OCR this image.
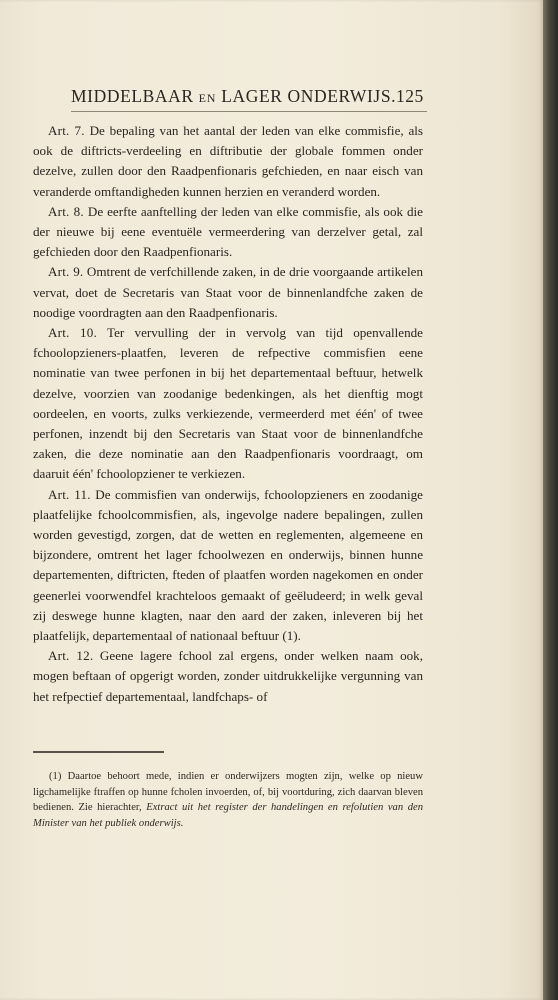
MIDDELBAAR EN LAGER ONDERWIJS. 125

Art. 7. De bepaling van het aantal der leden van elke commisfie, als ook de diftricts-verdeeling en diftributie der globale fommen onder dezelve, zullen door den Raadpenfionaris gefchieden, en naar eisch van veranderde omftandigheden kunnen herzien en veranderd worden.

Art. 8. De eerfte aanftelling der leden van elke commisfie, als ook die der nieuwe bij eene eventuële vermeerdering van derzelver getal, zal gefchieden door den Raadpenfionaris.

Art. 9. Omtrent de verfchillende zaken, in de drie voorgaande artikelen vervat, doet de Secretaris van Staat voor de binnenlandfche zaken de noodige voordragten aan den Raadpenfionaris.

Art. 10. Ter vervulling der in vervolg van tijd openvallende fchoolopzieners-plaatfen, leveren de refpective commisfien eene nominatie van twee perfonen in bij het departementaal beftuur, hetwelk dezelve, voorzien van zoodanige bedenkingen, als het dienftig mogt oordeelen, en voorts, zulks verkiezende, vermeerderd met één' of twee perfonen, inzendt bij den Secretaris van Staat voor de binnenlandfche zaken, die deze nominatie aan den Raadpenfionaris voordraagt, om daaruit één' fchoolopziener te verkiezen.

Art. 11. De commisfien van onderwijs, fchoolopzieners en zoodanige plaatfelijke fchoolcommisfien, als, ingevolge nadere bepalingen, zullen worden gevestigd, zorgen, dat de wetten en reglementen, algemeene en bijzondere, omtrent het lager fchoolwezen en onderwijs, binnen hunne departementen, diftricten, fteden of plaatfen worden nagekomen en onder geenerlei voorwendfel krachteloos gemaakt of geëludeerd; in welk geval zij deswege hunne klagten, naar den aard der zaken, inleveren bij het plaatfelijk, departementaal of nationaal beftuur (1).

Art. 12. Geene lagere fchool zal ergens, onder welken naam ook, mogen beftaan of opgerigt worden, zonder uitdrukkelijke vergunning van het refpectief departementaal, landfchaps- of

(1) Daartoe behoort mede, indien er onderwijzers mogten zijn, welke op nieuw ligchamelijke ftraffen op hunne fcholen invoerden, of, bij voortduring, zich daarvan bleven bedienen. Zie hierachter, Extract uit het register der handelingen en refolutien van den Minister van het publiek onderwijs.
